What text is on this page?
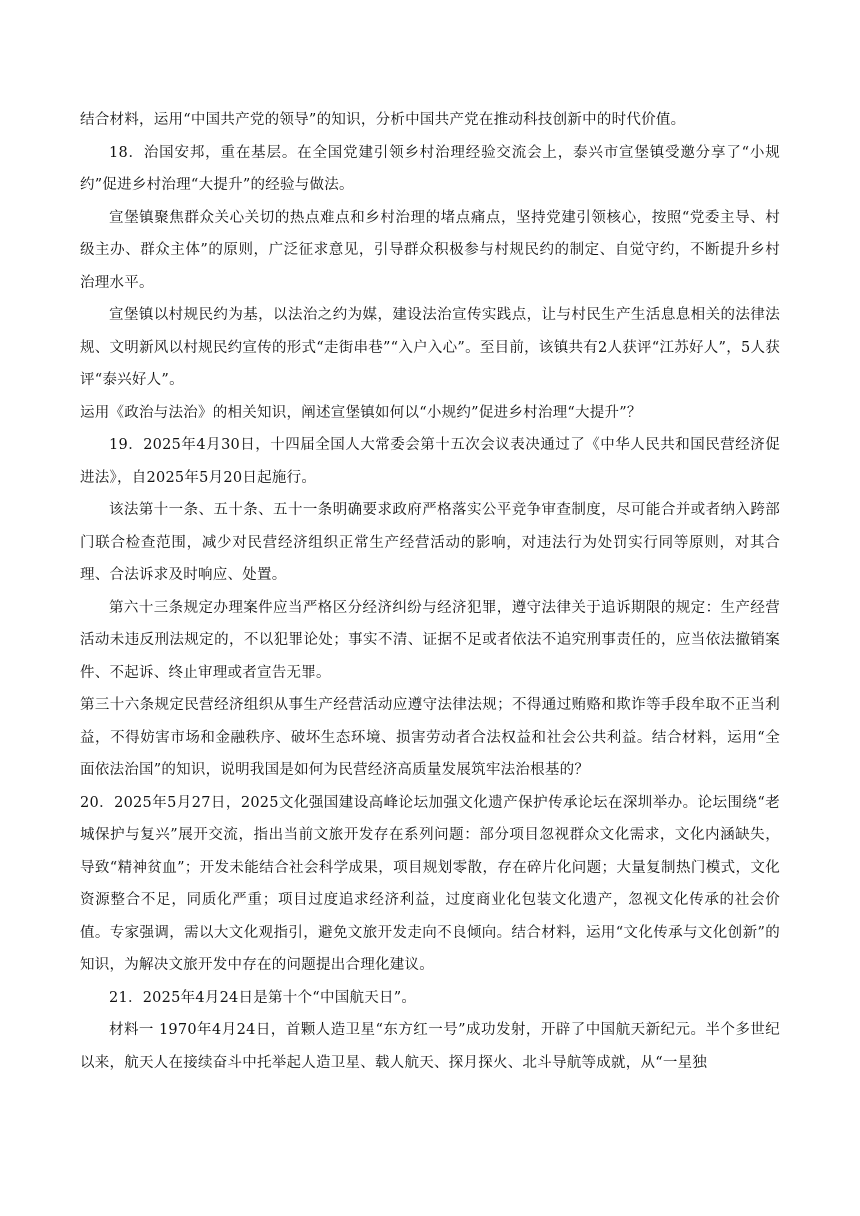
结合材料，运用“中国共产党的领导”的知识，分析中国共产党在推动科技创新中的时代价值。

18．治国安邦，重在基层。在全国党建引领乡村治理经验交流会上，泰兴市宣堡镇受邀分享了“小规约”促进乡村治理“大提升”的经验与做法。

宣堡镇聚焦群众关心关切的热点难点和乡村治理的堵点痛点，坚持党建引领核心，按照“党委主导、村级主办、群众主体”的原则，广泛征求意见，引导群众积极参与村规民约的制定、自觉守约，不断提升乡村治理水平。

宣堡镇以村规民约为基，以法治之约为媒，建设法治宣传实践点，让与村民生产生活息息相关的法律法规、文明新风以村规民约宣传的形式“走街串巷”“入户入心”。至目前，该镇共有2人获评“江苏好人”，5人获评“泰兴好人”。

运用《政治与法治》的相关知识，阐述宣堡镇如何以“小规约”促进乡村治理“大提升”？

19．2025年4月30日，十四届全国人大常委会第十五次会议表决通过了《中华人民共和国民营经济促进法》，自2025年5月20日起施行。

该法第十一条、五十条、五十一条明确要求政府严格落实公平竞争审查制度，尽可能合并或者纳入跨部门联合检查范围，减少对民营经济组织正常生产经营活动的影响，对违法行为处罚实行同等原则，对其合理、合法诉求及时响应、处置。

第六十三条规定办理案件应当严格区分经济纠纷与经济犯罪，遵守法律关于追诉期限的规定：生产经营活动未违反刑法规定的，不以犯罪论处；事实不清、证据不足或者依法不追究刑事责任的，应当依法撤销案件、不起诉、终止审理或者宣告无罪。

第三十六条规定民营经济组织从事生产经营活动应遵守法律法规；不得通过贿赂和欺诈等手段牟取不正当利益，不得妨害市场和金融秩序、破坏生态环境、损害劳动者合法权益和社会公共利益。结合材料，运用“全面依法治国”的知识，说明我国是如何为民营经济高质量发展筑牢法治根基的？

20．2025年5月27日，2025文化强国建设高峰论坛加强文化遗产保护传承论坛在深圳举办。论坛围绕“老城保护与复兴”展开交流，指出当前文旅开发存在系列问题：部分项目忽视群众文化需求，文化内涵缺失，导致“精神贫血”；开发未能结合社会科学成果，项目规划零散，存在碎片化问题；大量复制热门模式，文化资源整合不足，同质化严重；项目过度追求经济利益，过度商业化包装文化遗产，忽视文化传承的社会价值。专家强调，需以大文化观指引，避免文旅开发走向不良倾向。结合材料，运用“文化传承与文化创新”的知识，为解决文旅开发中存在的问题提出合理化建议。

21．2025年4月24日是第十个“中国航天日”。

材料一 1970年4月24日，首颗人造卫星“东方红一号”成功发射，开辟了中国航天新纪元。半个多世纪以来，航天人在接续奋斗中托举起人造卫星、载人航天、探月探火、北斗导航等成就，从“一星独
